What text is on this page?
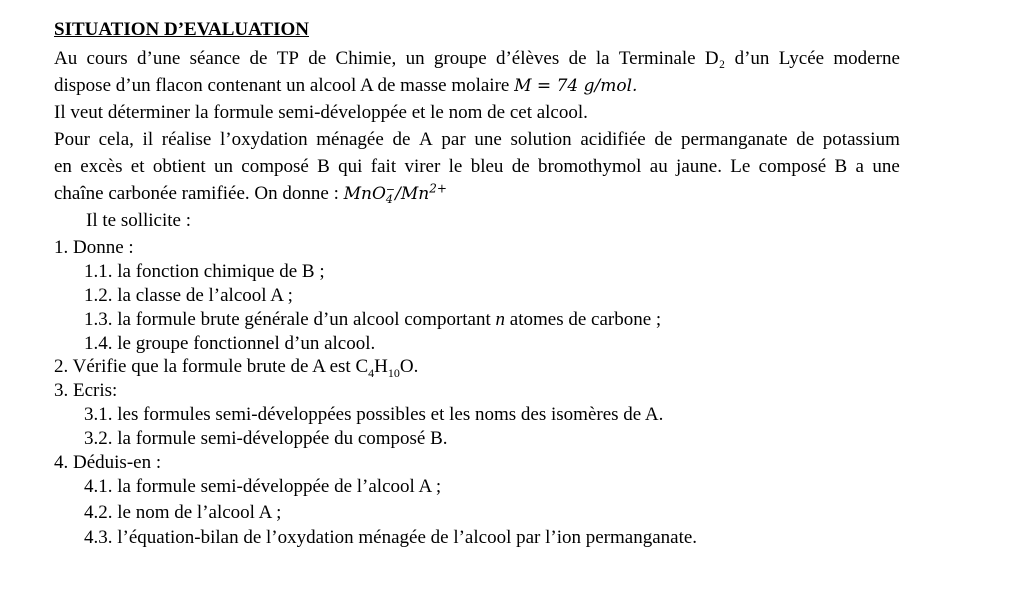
SITUATION D’EVALUATION
Au cours d’une séance de TP de Chimie, un groupe d’élèves de la Terminale D₂ d’un Lycée moderne
dispose d’un flacon contenant un alcool A de masse molaire M = 74 g/mol.
Il veut déterminer la formule semi-développée et le nom de cet alcool.
Pour cela, il réalise l’oxydation ménagée de A par une solution acidifiée de permanganate de potassium
en excès et obtient un composé B qui fait virer le bleu de bromothymol au jaune. Le composé B a une
chaîne carbonée ramifiée. On donne : MnO −
4 $/Mn^{2+}$
Il te sollicite :
1. Donne :
1.1. la fonction chimique de B ;
1.2. la classe de l’alcool A ;
1.3. la formule brute générale d’un alcool comportant n atomes de carbone ;
1.4. le groupe fonctionnel d’un alcool.
2. Vérifie que la formule brute de A est $C_4H_{10}O$.
3. Ecris:
3.1. les formules semi-développées possibles et les noms des isomères de A.
3.2. la formule semi-développée du composé B.
4. Déduis-en :
4.1. la formule semi-développée de l’alcool A ;
4.2. le nom de l’alcool A ;
4.3. l’équation-bilan de l’oxydation ménagée de l’alcool par l’ion permanganate.
